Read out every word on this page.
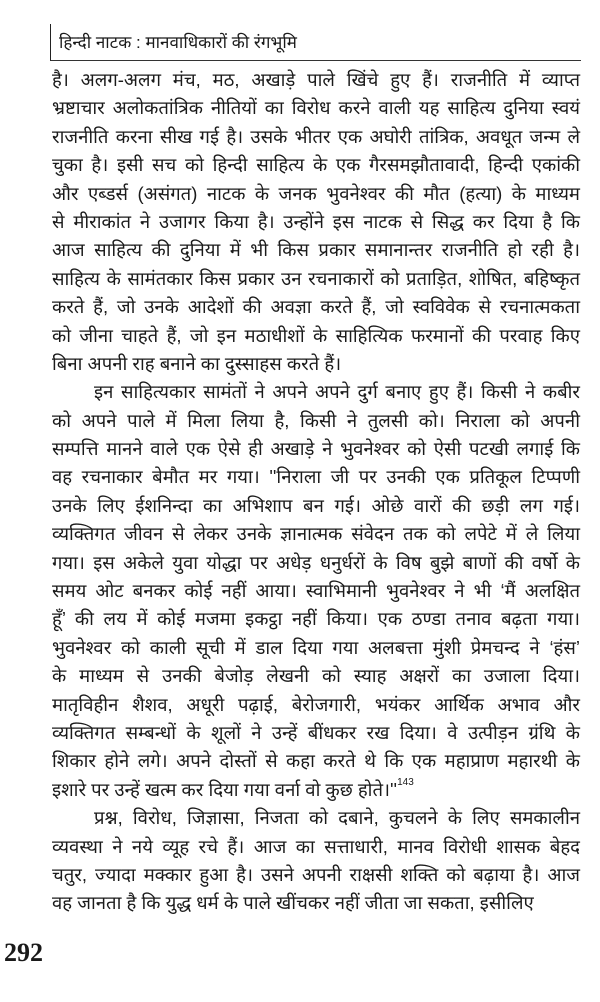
हिन्दी नाटक : मानवाधिकारों की रंगभूमि
है। अलग-अलग मंच, मठ, अखाड़े पाले खिंचे हुए हैं। राजनीति में व्याप्त
भ्रष्टाचार अलोकतांत्रिक नीतियों का विरोध करने वाली यह साहित्य दुनिया स्वयं
राजनीति करना सीख गई है। उसके भीतर एक अघोरी तांत्रिक, अवधूत जन्म ले
चुका है। इसी सच को हिन्दी साहित्य के एक गैरसमझौतावादी, हिन्दी एकांकी
और एब्डर्स (असंगत) नाटक के जनक भुवनेश्वर की मौत (हत्या) के माध्यम
से मीराकांत ने उजागर किया है। उन्होंने इस नाटक से सिद्ध कर दिया है कि
आज साहित्य की दुनिया में भी किस प्रकार समानान्तर राजनीति हो रही है।
साहित्य के सामंतकार किस प्रकार उन रचनाकारों को प्रताड़ित, शोषित, बहिष्कृत
करते हैं, जो उनके आदेशों की अवज्ञा करते हैं, जो स्वविवेक से रचनात्मकता
को जीना चाहते हैं, जो इन मठाधीशों के साहित्यिक फरमानों की परवाह किए
बिना अपनी राह बनाने का दुस्साहस करते हैं।
इन साहित्यकार सामंतों ने अपने अपने दुर्ग बनाए हुए हैं। किसी ने कबीर
को अपने पाले में मिला लिया है, किसी ने तुलसी को। निराला को अपनी
सम्पत्ति मानने वाले एक ऐसे ही अखाड़े ने भुवनेश्वर को ऐसी पटखी लगाई कि
वह रचनाकार बेमौत मर गया। ''निराला जी पर उनकी एक प्रतिकूल टिप्पणी
उनके लिए ईशनिन्दा का अभिशाप बन गई। ओछे वारों की छड़ी लग गई।
व्यक्तिगत जीवन से लेकर उनके ज्ञानात्मक संवेदन तक को लपेटे में ले लिया
गया। इस अकेले युवा योद्धा पर अधेड़ धनुर्धरों के विष बुझे बाणों की वर्षो के
समय ओट बनकर कोई नहीं आया। स्वाभिमानी भुवनेश्वर ने भी ‘मैं अलक्षित
हूँ’ की लय में कोई मजमा इकट्ठा नहीं किया। एक ठण्डा तनाव बढ़ता गया।
भुवनेश्वर को काली सूची में डाल दिया गया अलबत्ता मुंशी प्रेमचन्द ने ‘हंस’
के माध्यम से उनकी बेजोड़ लेखनी को स्याह अक्षरों का उजाला दिया।
मातृविहीन शैशव, अधूरी पढ़ाई, बेरोजगारी, भयंकर आर्थिक अभाव और
व्यक्तिगत सम्बन्धों के शूलों ने उन्हें बींधकर रख दिया। वे उत्पीड़न ग्रंथि के
शिकार होने लगे। अपने दोस्तों से कहा करते थे कि एक महाप्राण महारथी के
इशारे पर उन्हें खत्म कर दिया गया वर्ना वो कुछ $होते।''^{143}$
प्रश्न, विरोध, जिज्ञासा, निजता को दबाने, कुचलने के लिए समकालीन
व्यवस्था ने नये व्यूह रचे हैं। आज का सत्ताधारी, मानव विरोधी शासक बेहद
चतुर, ज्यादा मक्कार हुआ है। उसने अपनी राक्षसी शक्ति को बढ़ाया है। आज
वह जानता है कि युद्ध धर्म के पाले खींचकर नहीं जीता जा सकता, इसीलिए
292
